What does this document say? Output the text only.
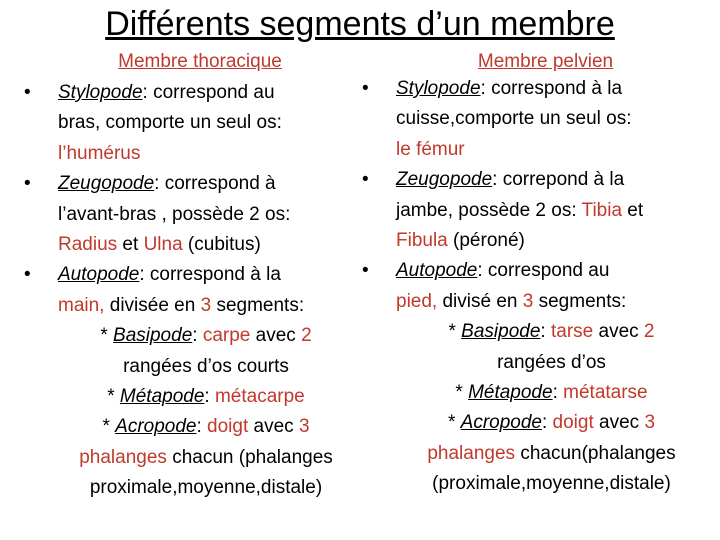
Différents segments d’un membre
Membre thoracique
•	Stylopode: correspond au
bras, comporte un seul os:
l’humérus
•	Zeugopode: correspond à
l’avant-bras , possède 2 os:
Radius et Ulna (cubitus)
•	Autopode: correspond à la
main, divisée en 3 segments:
* Basipode: carpe avec 2
rangées d’os courts
* Métapode: métacarpe
* Acropode: doigt avec 3
phalanges chacun (phalanges
proximale,moyenne,distale)
Membre pelvien
•	Stylopode: correspond à la
cuisse,comporte un seul os:
le fémur
•	Zeugopode: correpond à la
jambe, possède 2 os: Tibia et
Fibula (péroné)
•	Autopode: correspond au
pied, divisé en 3 segments:
* Basipode: tarse avec 2
rangées d’os
* Métapode: métatarse
* Acropode: doigt avec 3
phalanges chacun(phalanges
(proximale,moyenne,distale)
